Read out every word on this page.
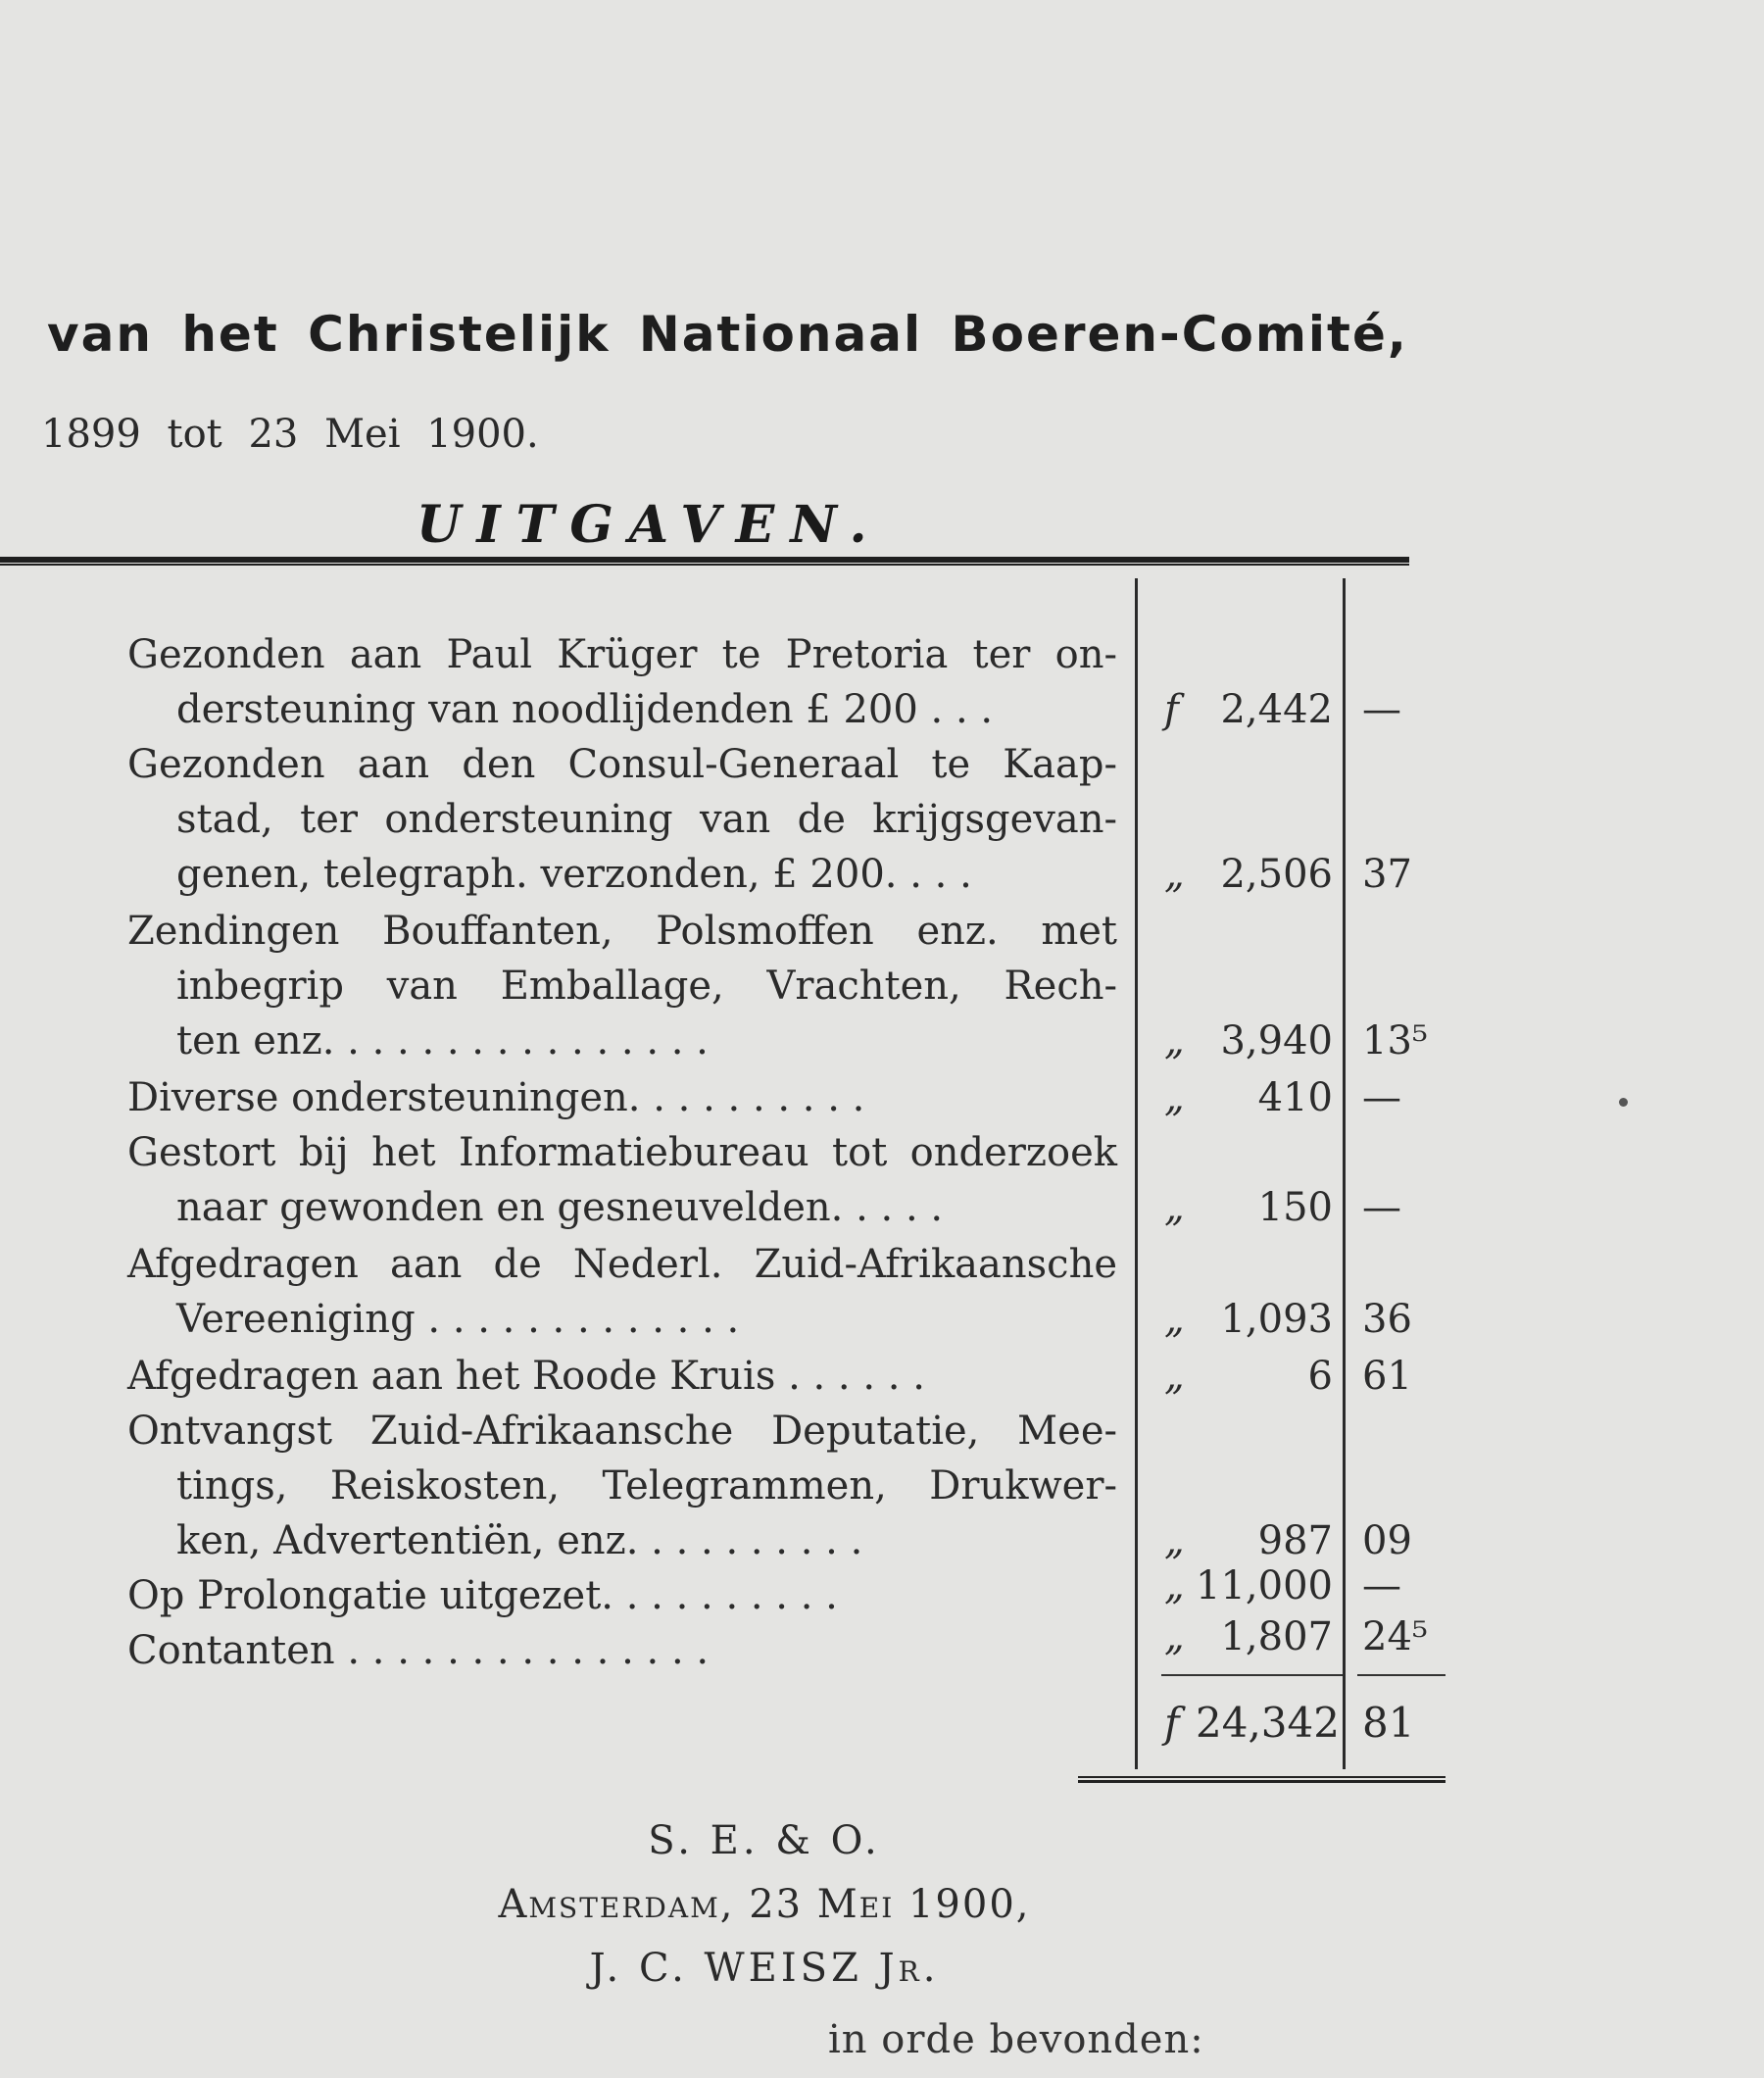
van het Christelijk Nationaal Boeren-Comité,
1899 tot 23 Mei 1900.
UITGAVEN.
Gezonden aan Paul Krüger te Pretoria ter on-
dersteuning van noodlijdenden £ 200 . . .	f	2,442 —
Gezonden aan den Consul-Generaal te Kaap-
stad, ter ondersteuning van de krijgsgevan-
genen, telegraph. verzonden, £ 200. . . .	„ 2,506 37
Zendingen Bouffanten, Polsmoffen enz. met
inbegrip van Emballage, Vrachten, Rech-
ten enz. . . . . . . . . . . . . . . .	„ 3,940 13⁵
Diverse ondersteuningen. . . . . . . . . .	„	410 —
Gestort bij het Informatiebureau tot onderzoek
naar gewonden en gesneuvelden. . . . .	„	150 —
Afgedragen aan de Nederl. Zuid-Afrikaansche
Vereeniging . . . . . . . . . . . . .	„ 1,093 36
Afgedragen aan het Roode Kruis . . . . . .	„	6 61
Ontvangst Zuid-Afrikaansche Deputatie, Mee-
tings, Reiskosten, Telegrammen, Drukwer-
ken, Advertentiën, enz. . . . . . . . . .	„	987 09
Op Prolongatie uitgezet. . . . . . . . . .	„ 11,000 —
Contanten . . . . . . . . . . . . . . .	„ 1,807 24⁵
f 24,342 81
S. E. & O.
Amsterdam, 23 Mei 1900,
J. C. WEISZ Jr.
in orde bevonden:
